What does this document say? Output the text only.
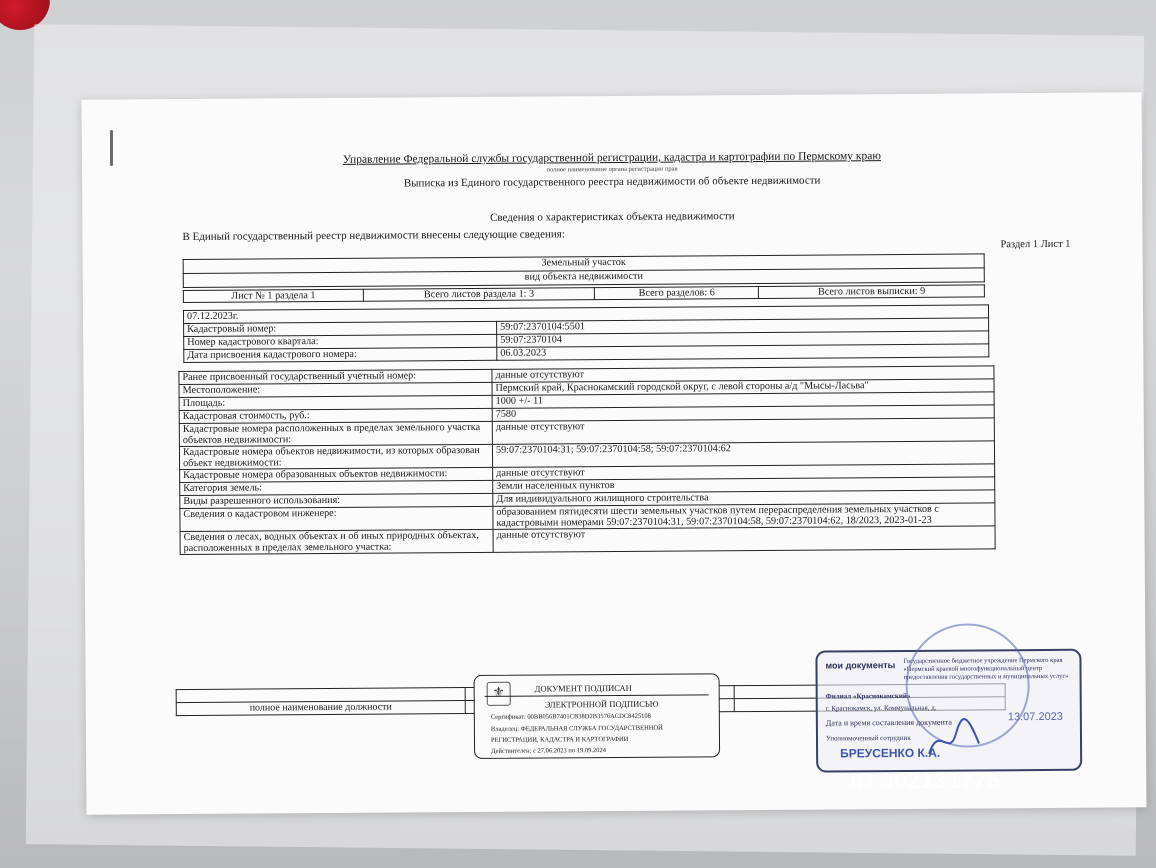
Управление Федеральной службы государственной регистрации, кадастра и картографии по Пермскому краю
полное наименование органа регистрации прав
Выписка из Единого государственного реестра недвижимости об объекте недвижимости
Сведения о характеристиках объекта недвижимости
В Единый государственный реестр недвижимости внесены следующие сведения:
Раздел 1 Лист 1
Земельный участок
вид объекта недвижимости
Лист № 1 раздела 1	Всего листов раздела 1: 3	Всего разделов: 6	Всего листов выписки: 9
07.12.2023г.	
Кадастровый номер:	59:07:2370104:5501
Номер кадастрового квартала:	59:07:2370104
Дата присвоения кадастрового номера:	06.03.2023
Ранее присвоенный государственный учетный номер:	данные отсутствуют
Местоположение:	Пермский край, Краснокамский городской округ, с левой стороны а/д "Мысы-Ласьва"
Площадь:	1000 +/- 11
Кадастровая стоимость, руб.:	7580
Кадастровые номера расположенных в пределах земельного участка объектов недвижимости:	данные отсутствуют
Кадастровые номера объектов недвижимости, из которых образован объект недвижимости:	59:07:2370104:31; 59:07:2370104:58; 59:07:2370104:62
Кадастровые номера образованных объектов недвижимости:	данные отсутствуют
Категория земель:	Земли населенных пунктов
Виды разрешенного использования:	Для индивидуального жилищного строительства
Сведения о кадастровом инженере:	образованием пятидесяти шести земельных участков путем перераспределения земельных участков с кадастровыми номерами 59:07:2370104:31, 59:07:2370104:58, 59:07:2370104:62, 18/2023, 2023-01-23
Сведения о лесах, водных объектах и об иных природных объектах, расположенных в пределах земельного участка:	данные отсутствуют

полное наименование должности		
⚜	ДОКУМЕНТ ПОДПИСАН
ЭЛЕКТРОННОЙ ПОДПИСЬЮ
Сертификат: 00BB056B7401CB38D2B3576ACDC8425108
Владелец: ФЕДЕРАЛЬНАЯ СЛУЖБА ГОСУДАРСТВЕННОЙ
РЕГИСТРАЦИИ, КАДАСТРА И КАРТОГРАФИИ
Действителен: с 27.06.2023 по 19.09.2024
мои документы Государственное бюджетное учреждение Пермского края «Пермский краевой многофункциональный центр предоставления государственных и муниципальных услуг»
Филиал «Краснокамский»
г. Краснокамск, ул. Коммунальная, д.
Дата и время составления документа	13.07.2023
Уполномоченный сотрудник
БРЕУСЕНКО К.А.
ID 302131775
